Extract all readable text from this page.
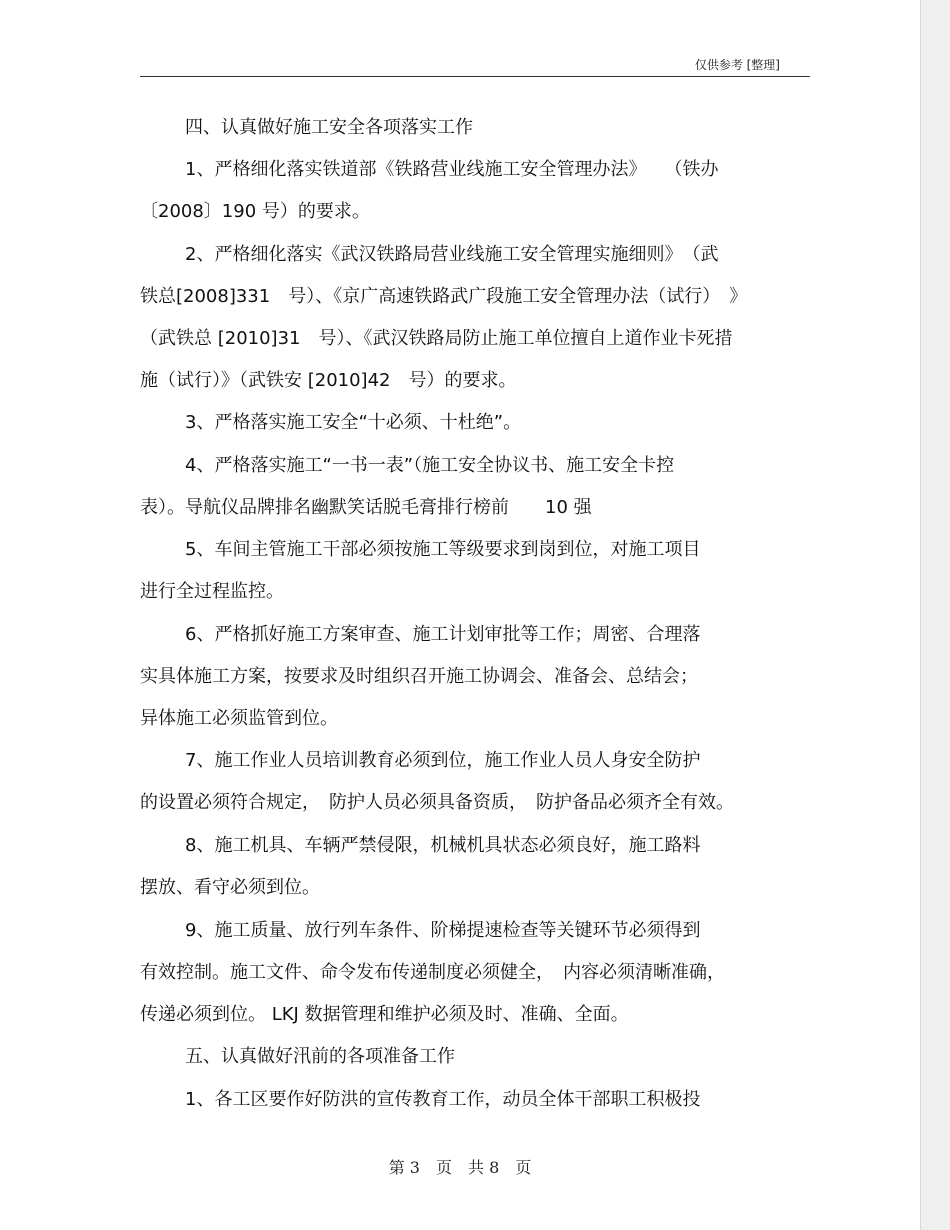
仅供参考 [整理]

四、认真做好施工安全各项落实工作

1、严格细化落实铁道部《铁路营业线施工安全管理办法》　　（铁办
〔2008〕190 号）的要求。

2、严格细化落实《武汉铁路局营业线施工安全管理实施细则》　（武
铁总[2008]331　号）、《京广高速铁路武广段施工安全管理办法（试行）　》
（武铁总 [2010]31　号）、《武汉铁路局防止施工单位擅自上道作业卡死措
施（试行）》（武铁安 [2010]42　号）的要求。

3、严格落实施工安全“十必须、十杜绝”。

4、严格落实施工“一书一表”（施工安全协议书、施工安全卡控
表）。导航仪品牌排名幽默笑话脱毛膏排行榜前　　10 强

5、车间主管施工干部必须按施工等级要求到岗到位，对施工项目
进行全过程监控。

6、严格抓好施工方案审查、施工计划审批等工作；周密、合理落
实具体施工方案，按要求及时组织召开施工协调会、准备会、总结会；
异体施工必须监管到位。

7、施工作业人员培训教育必须到位，施工作业人员人身安全防护
的设置必须符合规定，　防护人员必须具备资质，　防护备品必须齐全有效。

8、施工机具、车辆严禁侵限，机械机具状态必须良好，施工路料
摆放、看守必须到位。

9、施工质量、放行列车条件、阶梯提速检查等关键环节必须得到
有效控制。施工文件、命令发布传递制度必须健全，　内容必须清晰准确，
传递必须到位。 LKJ 数据管理和维护必须及时、准确、全面。

五、认真做好汛前的各项准备工作

1、各工区要作好防洪的宣传教育工作，动员全体干部职工积极投

第 3　页　共 8　页
